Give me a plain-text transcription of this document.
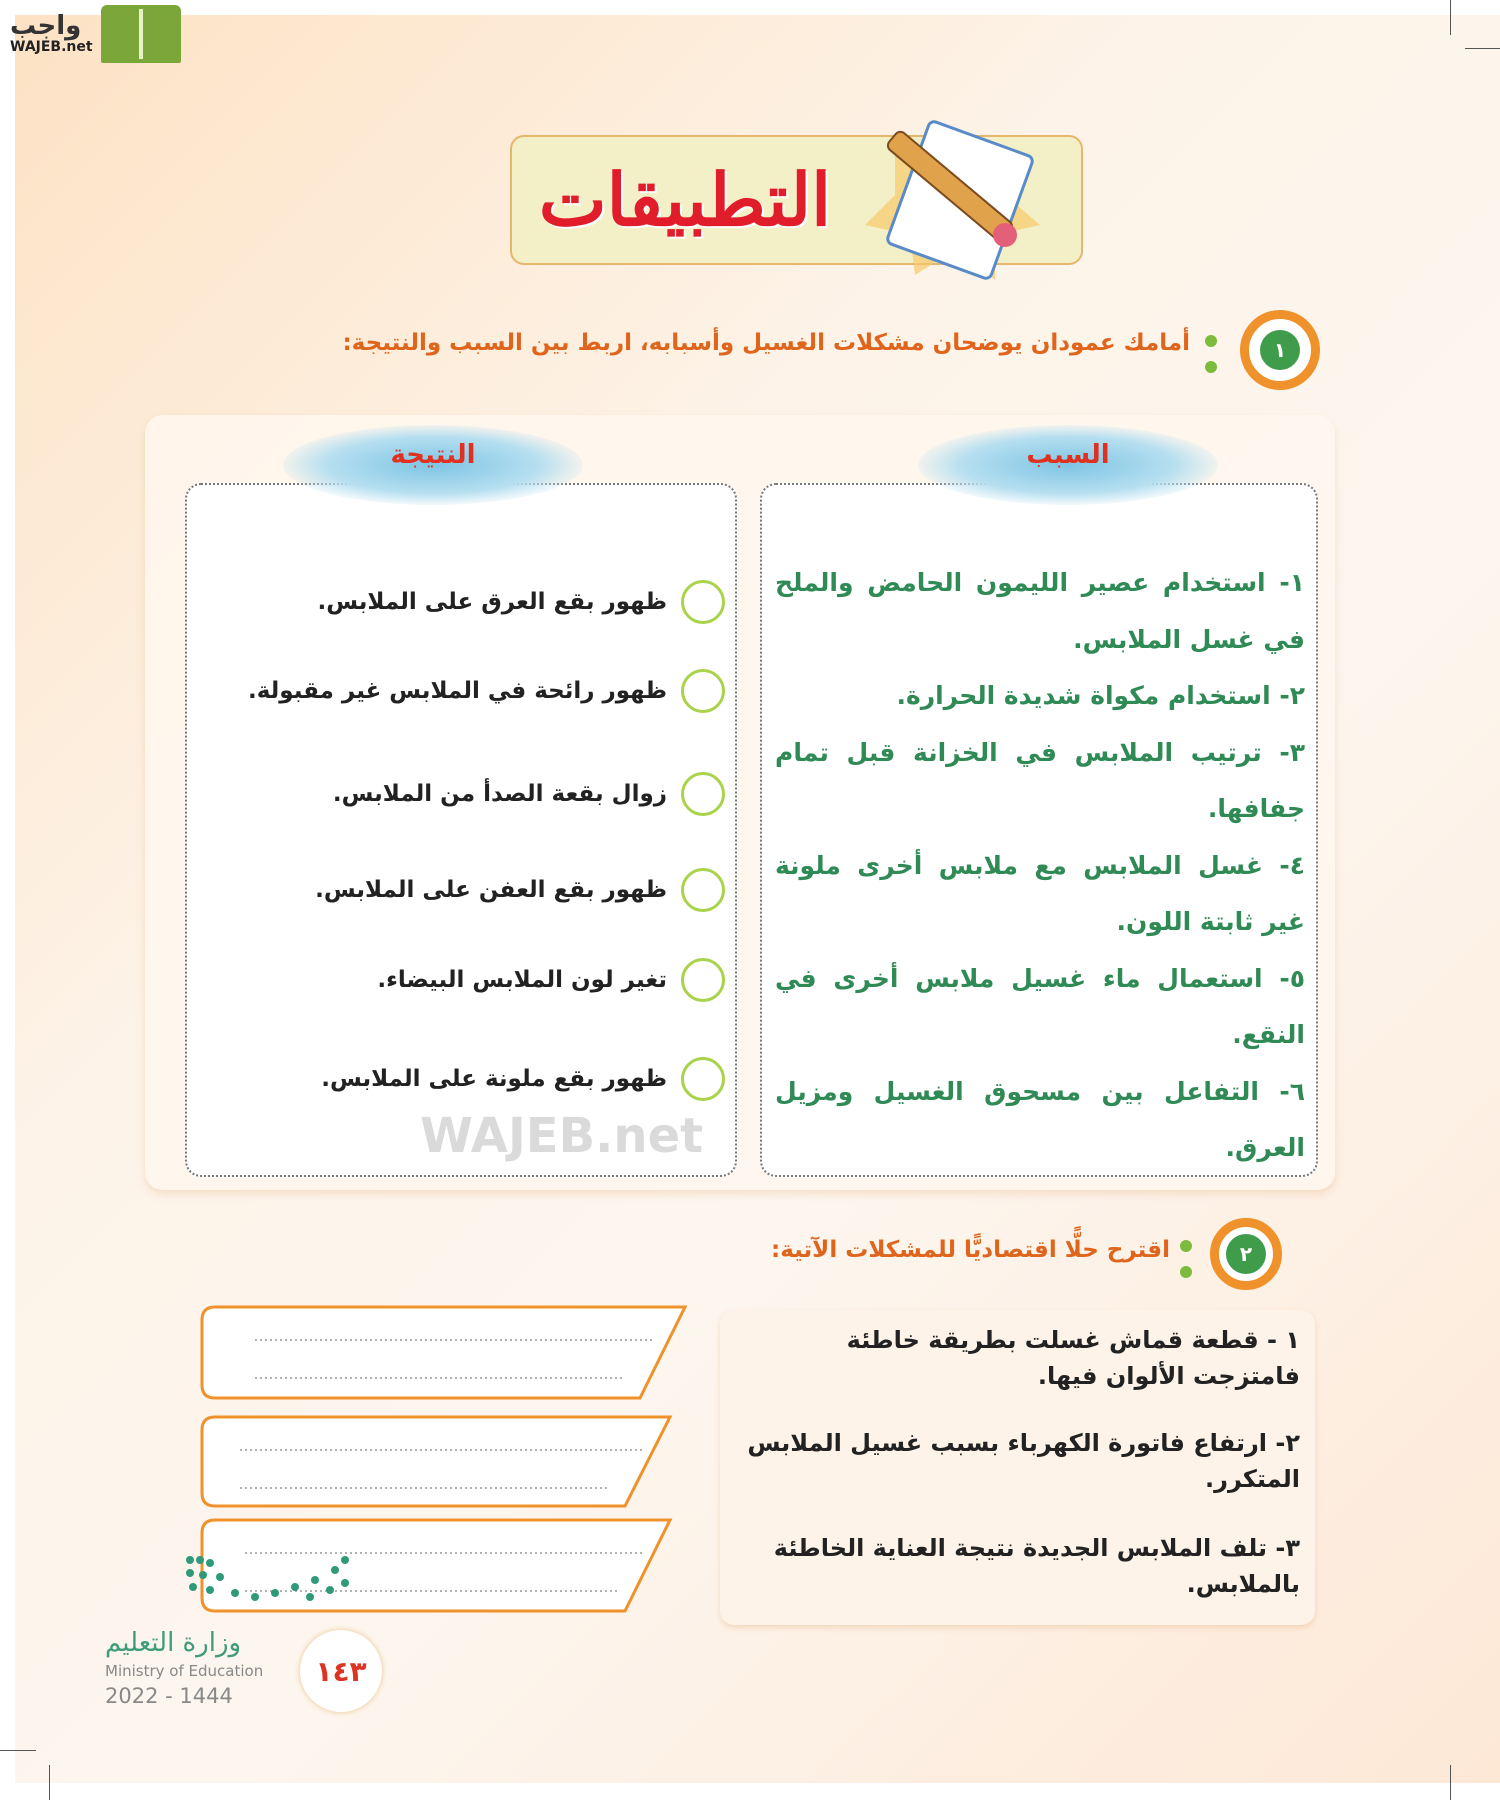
واجب
WAJEB.net
التطبيقات
١
أمامك عمودان يوضحان مشكلات الغسيل وأسبابه، اربط بين السبب والنتيجة:
النتيجة	السبب

١- استخدام عصير الليمون الحامض والملح في غسل الملابس.

٢- استخدام مكواة شديدة الحرارة.

٣- ترتيب الملابس في الخزانة قبل تمام جفافها.

٤- غسل الملابس مع ملابس أخرى ملونة غير ثابتة اللون.

٥- استعمال ماء غسيل ملابس أخرى في النقع.

٦- التفاعل بين مسحوق الغسيل ومزيل العرق.

ظهور بقع العرق على الملابس.
ظهور رائحة في الملابس غير مقبولة.
زوال بقعة الصدأ من الملابس.
ظهور بقع العفن على الملابس.
تغير لون الملابس البيضاء.
ظهور بقع ملونة على الملابس.
WAJEB.net
٢
اقترح حلًّا اقتصاديًّا للمشكلات الآتية:
١ - قطعة قماش غسلت بطريقة خاطئة فامتزجت الألوان فيها.
٢- ارتفاع فاتورة الكهرباء بسبب غسيل الملابس المتكرر.
٣- تلف الملابس الجديدة نتيجة العناية الخاطئة بالملابس.
١٤٣
وزارة التعليم
Ministry of Education
2022 - 1444
